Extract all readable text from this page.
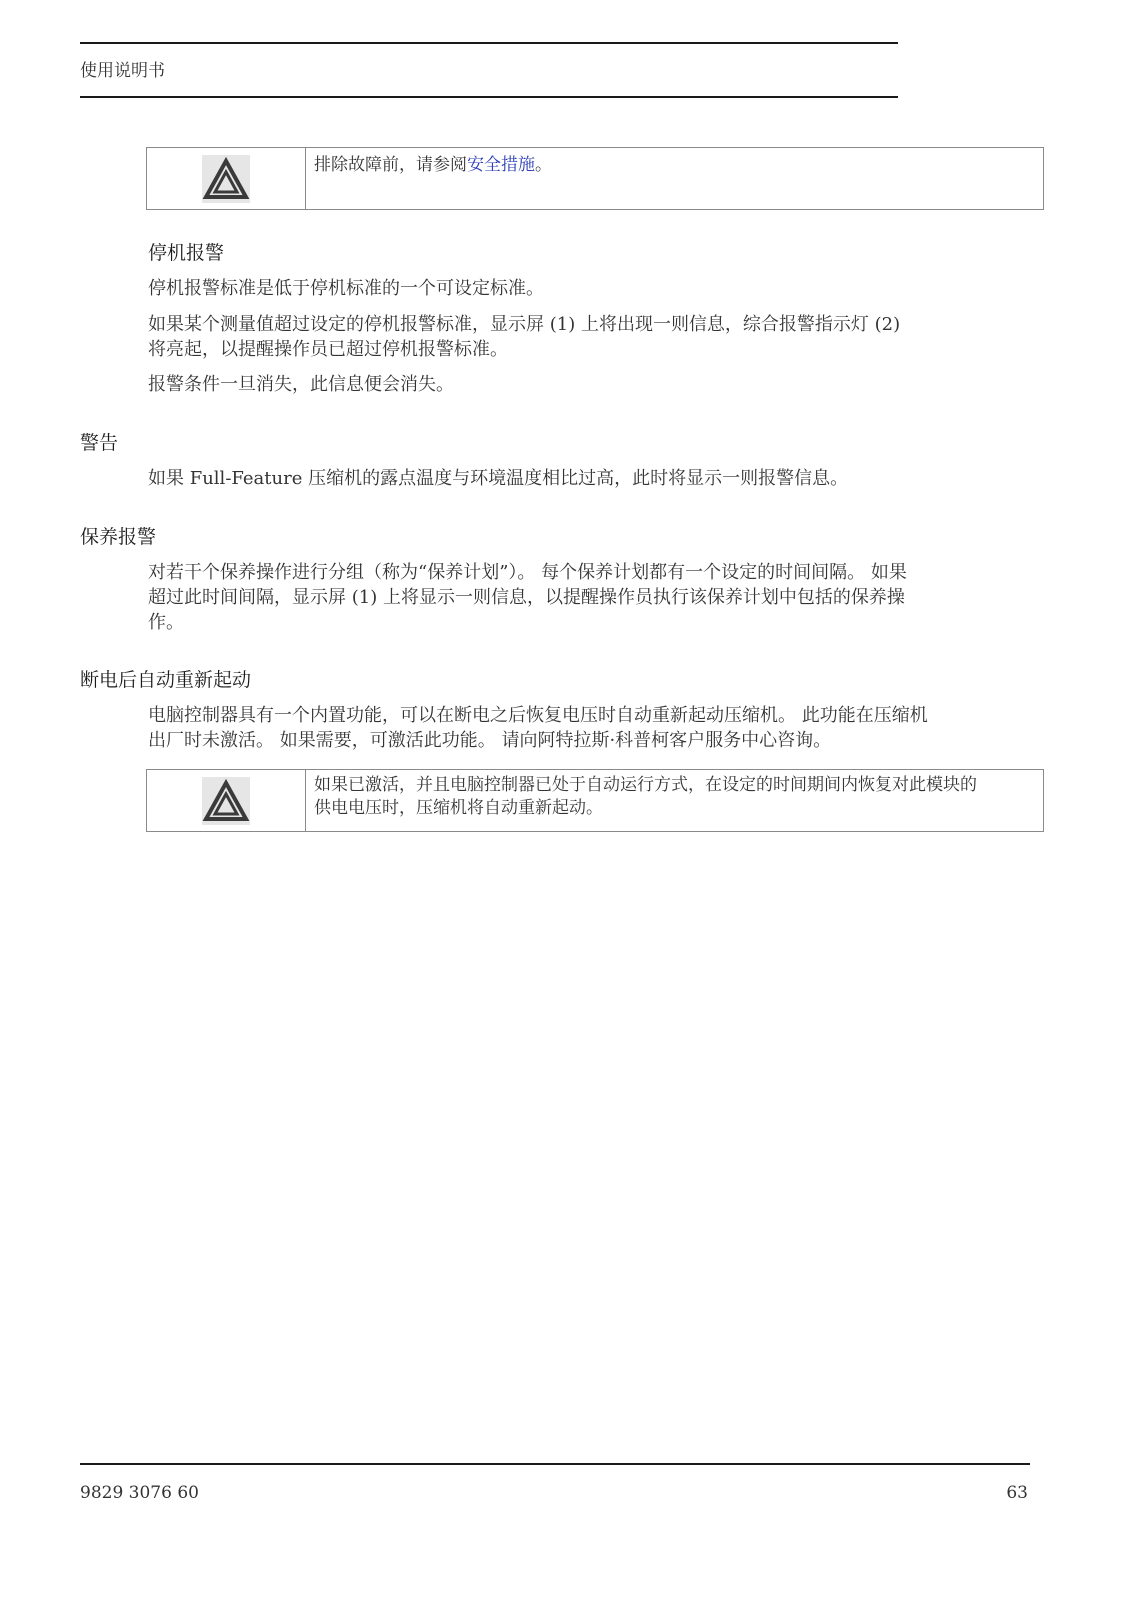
使用说明书
排除故障前，请参阅安全措施。
停机报警
停机报警标准是低于停机标准的一个可设定标准。
如果某个测量值超过设定的停机报警标准，显示屏 (1) 上将出现一则信息，综合报警指示灯 (2)
将亮起，以提醒操作员已超过停机报警标准。
报警条件一旦消失，此信息便会消失。
警告
如果 Full-Feature 压缩机的露点温度与环境温度相比过高，此时将显示一则报警信息。
保养报警
对若干个保养操作进行分组（称为“保养计划”）。 每个保养计划都有一个设定的时间间隔。 如果
超过此时间间隔，显示屏 (1) 上将显示一则信息，以提醒操作员执行该保养计划中包括的保养操
作。
断电后自动重新起动
电脑控制器具有一个内置功能，可以在断电之后恢复电压时自动重新起动压缩机。 此功能在压缩机
出厂时未激活。 如果需要，可激活此功能。 请向阿特拉斯·科普柯客户服务中心咨询。
如果已激活，并且电脑控制器已处于自动运行方式，在设定的时间期间内恢复对此模块的
供电电压时，压缩机将自动重新起动。
9829 3076 60	63
